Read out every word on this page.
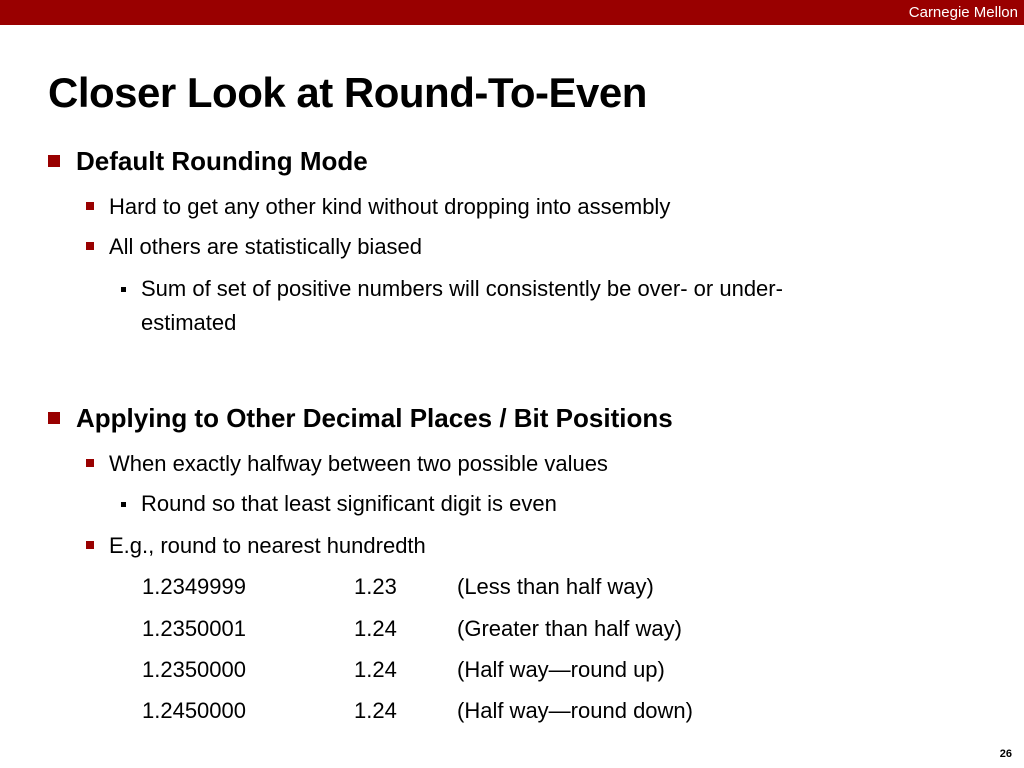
Carnegie Mellon
Closer Look at Round-To-Even
Default Rounding Mode
Hard to get any other kind without dropping into assembly
All others are statistically biased
Sum of set of positive numbers will consistently be over- or under-
estimated
Applying to Other Decimal Places / Bit Positions
When exactly halfway between two possible values
Round so that least significant digit is even
E.g., round to nearest hundredth
1.2349999	1.23	(Less than half way)
1.2350001	1.24	(Greater than half way)
1.2350000	1.24	(Half way—round up)
1.2450000	1.24	(Half way—round down)
26
